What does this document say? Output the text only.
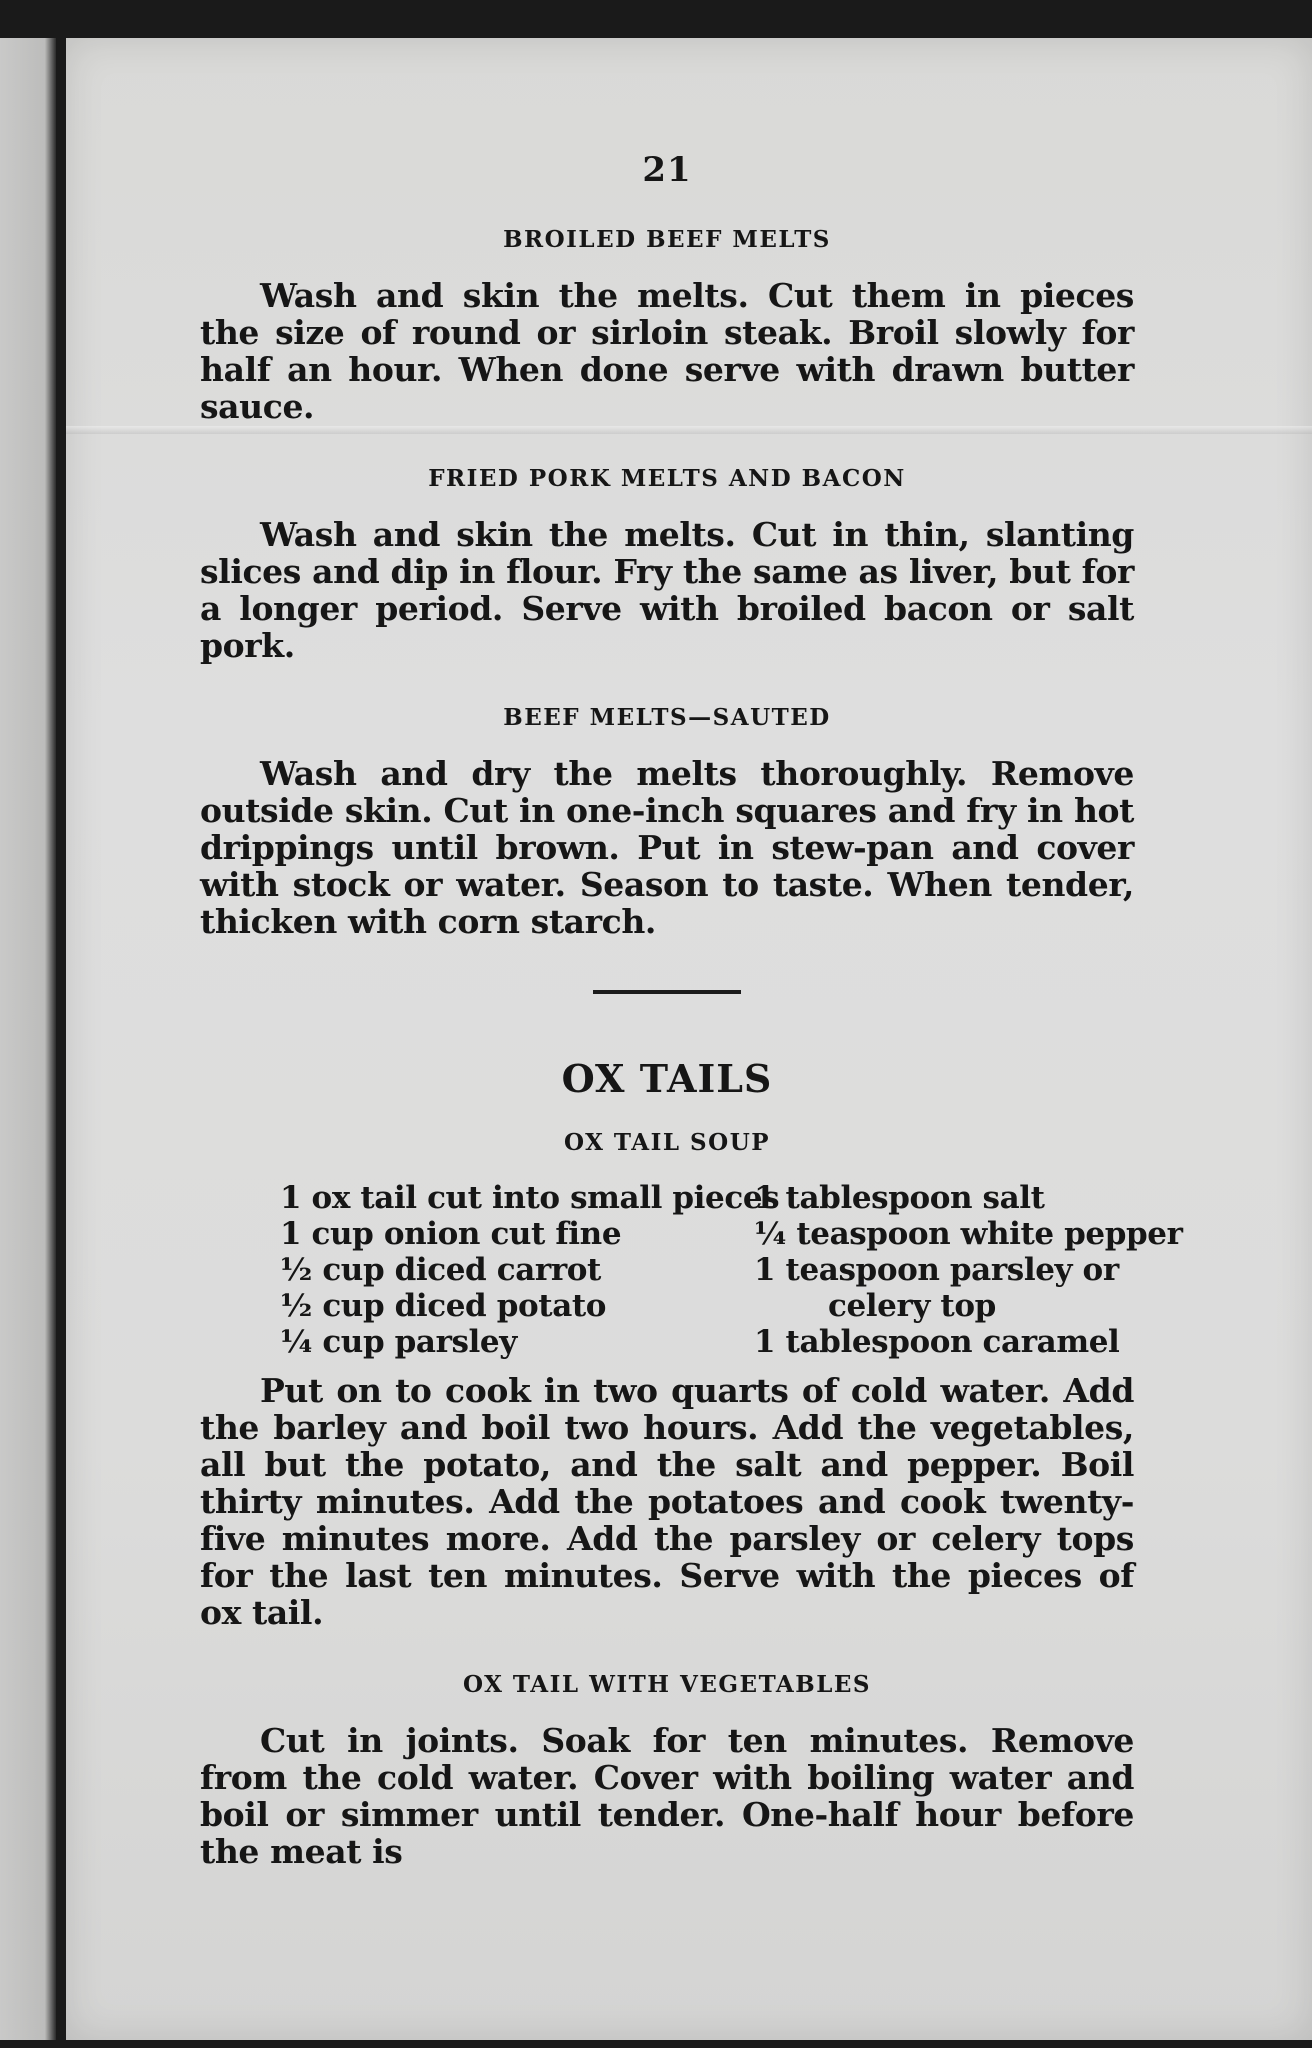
21
BROILED BEEF MELTS

Wash and skin the melts. Cut them in pieces the size of round or sirloin steak. Broil slowly for half an hour. When done serve with drawn butter sauce.

FRIED PORK MELTS AND BACON

Wash and skin the melts. Cut in thin, slanting slices and dip in flour. Fry the same as liver, but for a longer period. Serve with broiled bacon or salt pork.

BEEF MELTS—SAUTED

Wash and dry the melts thoroughly. Remove outside skin. Cut in one-inch squares and fry in hot drippings until brown. Put in stew-pan and cover with stock or water. Season to taste. When tender, thicken with corn starch.

OX TAILS
OX TAIL SOUP
1 ox tail cut into small pieces
1 cup onion cut fine
½ cup diced carrot
½ cup diced potato
¼ cup parsley
1 tablespoon salt
¼ teaspoon white pepper
1 teaspoon parsley or
celery top
1 tablespoon caramel

Put on to cook in two quarts of cold water. Add the barley and boil two hours. Add the vegetables, all but the potato, and the salt and pepper. Boil thirty minutes. Add the potatoes and cook twenty-five minutes more. Add the parsley or celery tops for the last ten minutes. Serve with the pieces of ox tail.

OX TAIL WITH VEGETABLES

Cut in joints. Soak for ten minutes. Remove from the cold water. Cover with boiling water and boil or simmer until tender. One-half hour before the meat is
